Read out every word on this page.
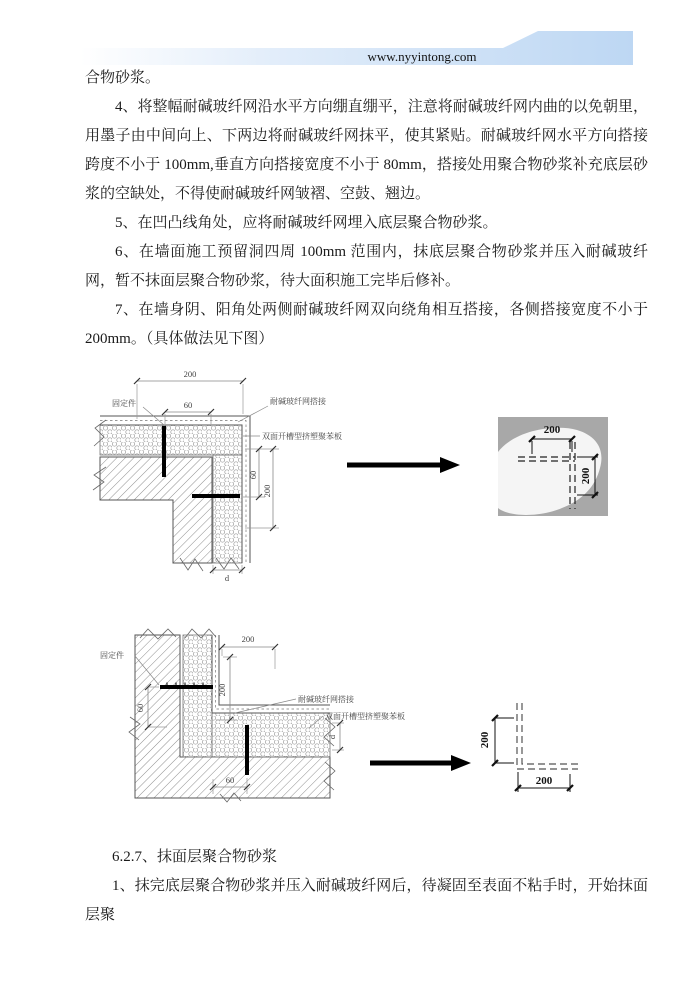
www.nyyintong.com

合物砂浆。

4、将整幅耐碱玻纤网沿水平方向绷直绷平，注意将耐碱玻纤网内曲的以免朝里，用墨子由中间向上、下两边将耐碱玻纤网抹平，使其紧贴。耐碱玻纤网水平方向搭接跨度不小于 100mm,垂直方向搭接宽度不小于 80mm，搭接处用聚合物砂浆补充底层砂浆的空缺处，不得使耐碱玻纤网皱褶、空鼓、翘边。

5、在凹凸线角处，应将耐碱玻纤网埋入底层聚合物砂浆。

6、在墙面施工预留洞四周 100mm 范围内，抹底层聚合物砂浆并压入耐碱玻纤网，暂不抹面层聚合物砂浆，待大面积施工完毕后修补。

7、在墙身阴、阳角处两侧耐碱玻纤网双向绕角相互搭接，各侧搭接宽度不小于 200mm。（具体做法见下图）

200
60
60
200
d
固定件	耐碱玻纤网搭接
双面开槽型挤塑聚苯板
200
200
200
200
60
60
d
固定件
耐碱玻纤网搭接
双面开槽型挤塑聚苯板
200
200

6.2.7、抹面层聚合物砂浆

1、抹完底层聚合物砂浆并压入耐碱玻纤网后，待凝固至表面不粘手时，开始抹面层聚
